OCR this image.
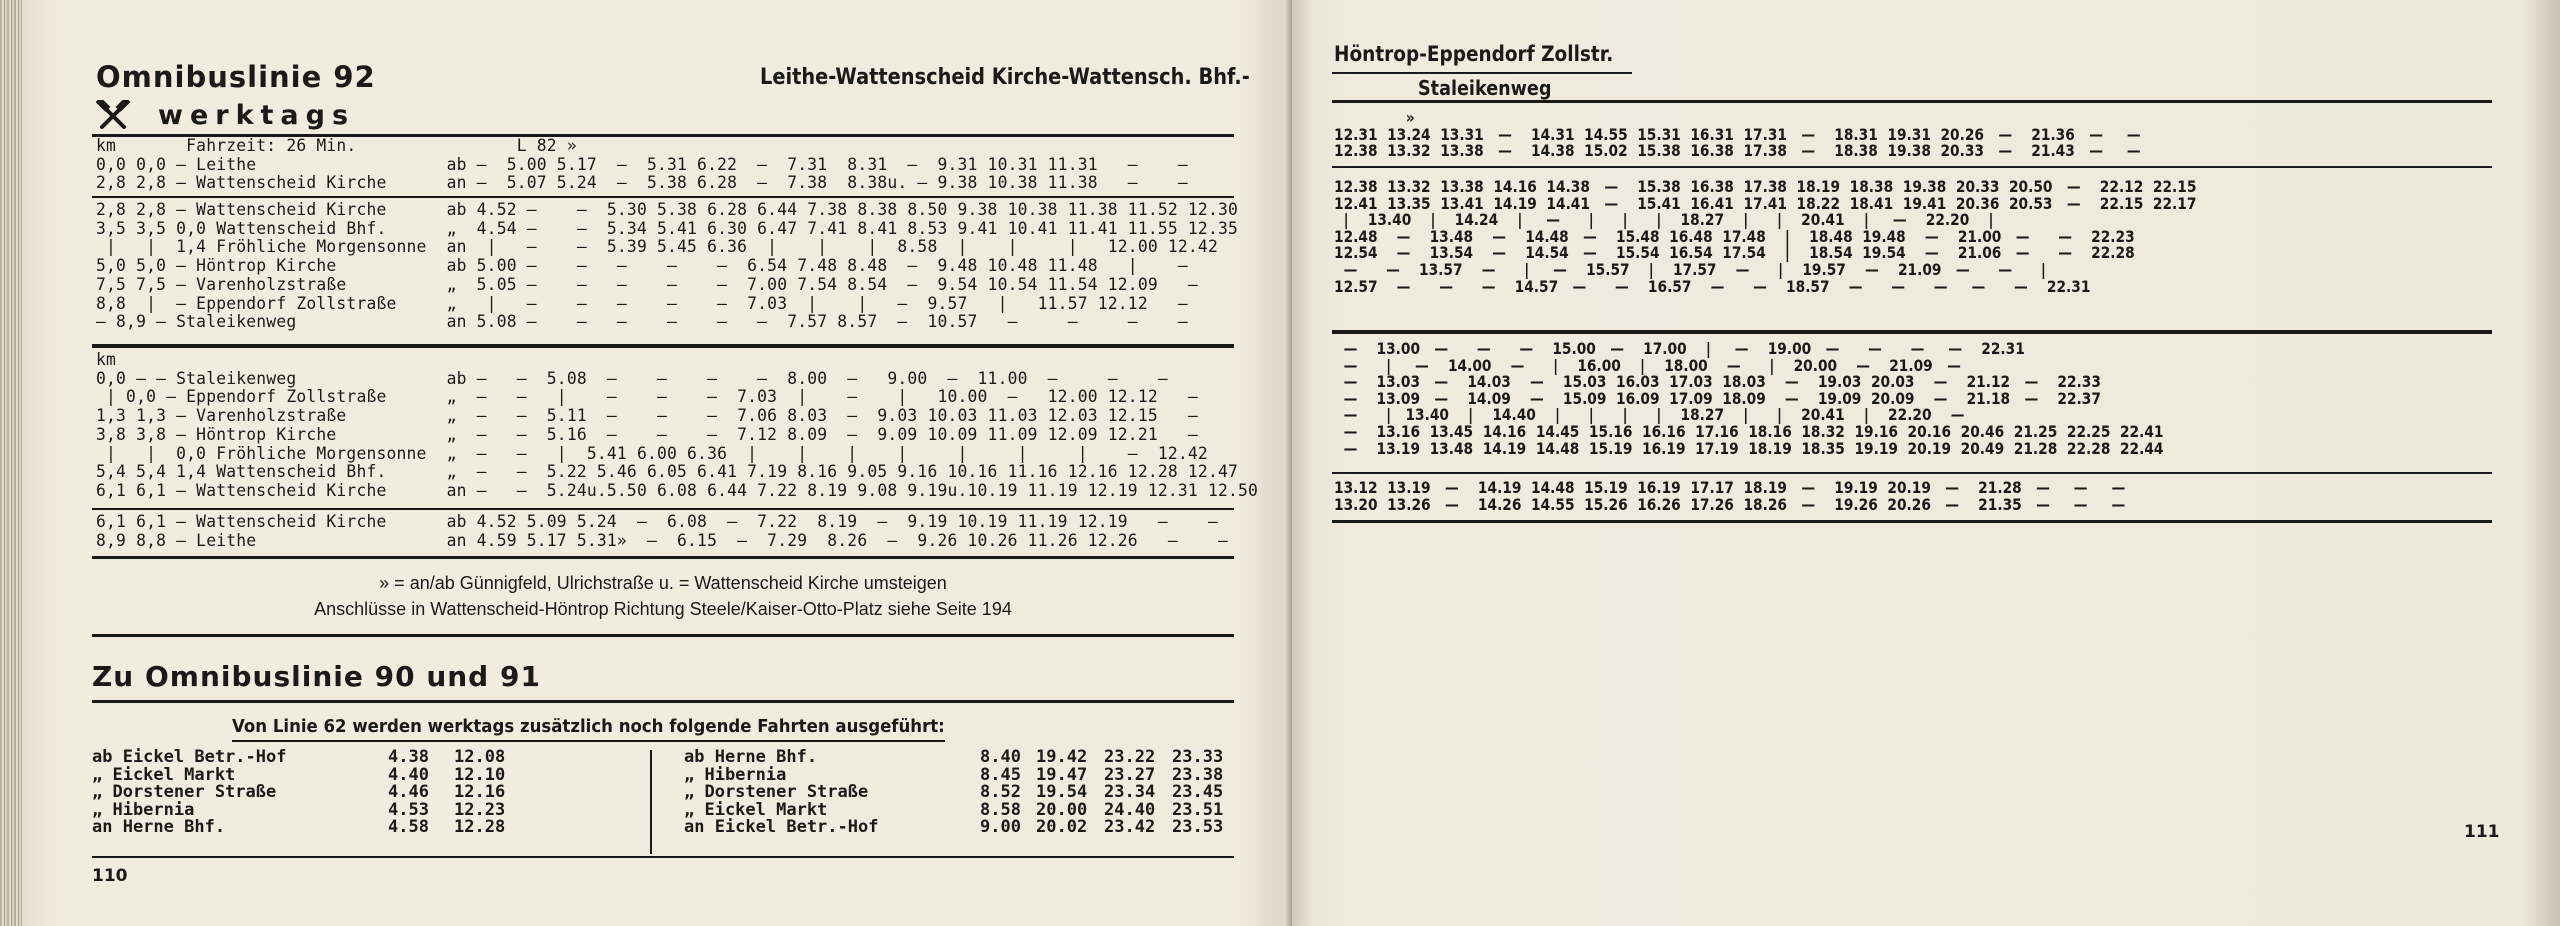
Omnibuslinie 92	Leithe-Wattenscheid Kirche-Wattensch. Bhf.-
werktags
km       Fahrzeit: 26 Min.                L 82 »
0,0 0,0 — Leithe                   ab —  5.00 5.17  —  5.31 6.22  —  7.31  8.31  —  9.31 10.31 11.31   —    —
2,8 2,8 — Wattenscheid Kirche      an —  5.07 5.24  —  5.38 6.28  —  7.38  8.38u. — 9.38 10.38 11.38   —    —
2,8 2,8 — Wattenscheid Kirche      ab 4.52 —    —  5.30 5.38 6.28 6.44 7.38 8.38 8.50 9.38 10.38 11.38 11.52 12.30
3,5 3,5 0,0 Wattenscheid Bhf.      „  4.54 —    —  5.34 5.41 6.30 6.47 7.41 8.41 8.53 9.41 10.41 11.41 11.55 12.35
|   |  1,4 Fröhliche Morgensonne  an  |   —    —  5.39 5.45 6.36  |    |    |  8.58  |    |     |   12.00 12.42
5,0 5,0 — Höntrop Kirche           ab 5.00 —    —   —    —    —  6.54 7.48 8.48  —  9.48 10.48 11.48   |    —
7,5 7,5 — Varenholzstraße          „  5.05 —    —   —    —    —  7.00 7.54 8.54  —  9.54 10.54 11.54 12.09   —
8,8  |  — Eppendorf Zollstraße     „   |   —    —   —    —    —  7.03  |    |   —  9.57   |   11.57 12.12   —
— 8,9 — Staleikenweg               an 5.08 —    —   —    —    —   —  7.57 8.57  —  10.57   —     —     —    —
km
0,0 — — Staleikenweg               ab —   —  5.08  —    —    —    —  8.00  —   9.00  —  11.00  —     —    —
| 0,0 — Eppendorf Zollstraße      „  —   —   |    —    —    —  7.03  |    —    |   10.00  —   12.00 12.12   —
1,3 1,3 — Varenholzstraße          „  —   —  5.11  —    —    —  7.06 8.03  —  9.03 10.03 11.03 12.03 12.15   —
3,8 3,8 — Höntrop Kirche           „  —   —  5.16  —    —    —  7.12 8.09  —  9.09 10.09 11.09 12.09 12.21   —
|   |  0,0 Fröhliche Morgensonne  „  —   —   |  5.41 6.00 6.36  |    |    |    |     |     |     |    —  12.42
5,4 5,4 1,4 Wattenscheid Bhf.      „  —   —  5.22 5.46 6.05 6.41 7.19 8.16 9.05 9.16 10.16 11.16 12.16 12.28 12.47
6,1 6,1 — Wattenscheid Kirche      an —   —  5.24u.5.50 6.08 6.44 7.22 8.19 9.08 9.19u.10.19 11.19 12.19 12.31 12.50
6,1 6,1 — Wattenscheid Kirche      ab 4.52 5.09 5.24  —  6.08  —  7.22  8.19  —  9.19 10.19 11.19 12.19   —    —
8,9 8,8 — Leithe                   an 4.59 5.17 5.31»  —  6.15  —  7.29  8.26  —  9.26 10.26 11.26 12.26   —    —
» = an/ab Günnigfeld, Ulrichstraße u. = Wattenscheid Kirche umsteigen
Anschlüsse in Wattenscheid-Höntrop Richtung Steele/Kaiser-Otto-Platz siehe Seite 194
Zu Omnibuslinie 90 und 91
Von Linie 62 werden werktags zusätzlich noch folgende Fahrten ausgeführt:
ab Eickel Betr.-Hof	4.38	12.08
„ Eickel Markt	4.40	12.10
„ Dorstener Straße	4.46	12.16
„ Hibernia	4.53	12.23
an Herne Bhf.	4.58	12.28
ab Herne Bhf.	8.40	19.42	23.22	23.33
„ Hibernia	8.45	19.47	23.27	23.38
„ Dorstener Straße	8.52	19.54	23.34	23.45
„ Eickel Markt	8.58	20.00	24.40	23.51
an Eickel Betr.-Hof	9.00	20.02	23.42	23.53
110
Höntrop-Eppendorf Zollstr.
Staleikenweg
»
12.31  13.24  13.31   —    14.31  14.55  15.31  16.31  17.31   —    18.31  19.31  20.26   —    21.36   —     —
12.38  13.32  13.38   —    14.38  15.02  15.38  16.38  17.38   —    18.38  19.38  20.33   —    21.43   —     —
12.38  13.32  13.38  14.16  14.38   —    15.38  16.38  17.38  18.19  18.38  19.38  20.33  20.50   —    22.12  22.15
12.41  13.35  13.41  14.19  14.41   —    15.41  16.41  17.41  18.22  18.41  19.41  20.36  20.53   —    22.15  22.17
|    13.40    |    14.24    |     —      |      |      |    18.27    |      |    20.41    |     —    22.20    |
12.48    —    13.48    —    14.48   —    15.48  16.48  17.48    |    18.48  19.48    —    21.00   —      —    22.23
12.54    —    13.54    —    14.54   —    15.54  16.54  17.54    |    18.54  19.54    —    21.06   —      —    22.28
—      —    13.57    —      |     —    15.57    |    17.57    —      |    19.57    —    21.09   —      —      |
12.57    —      —      —    14.57   —      —    16.57    —      —    18.57    —      —      —     —      —    22.31
—    13.00   —      —      —    15.00   —    17.00    |     —    19.00   —      —      —     —    22.31
—      |     —    14.00    —      |    16.00    |    18.00    —      |    20.00    —    21.09   —
—    13.03   —    14.03    —    15.03  16.03  17.03  18.03    —    19.03  20.03    —    21.12   —    22.33
—    13.09   —    14.09    —    15.09  16.09  17.09  18.09    —    19.09  20.09    —    21.18   —    22.37
—      |   13.40    |    14.40    |      |      |      |    18.27    |      |    20.41    |    22.20    —
—    13.16  13.45  14.16  14.45  15.16  16.16  17.16  18.16  18.32  19.16  20.16  20.46  21.25  22.25  22.41
—    13.19  13.48  14.19  14.48  15.19  16.19  17.19  18.19  18.35  19.19  20.19  20.49  21.28  22.28  22.44
13.12  13.19   —    14.19  14.48  15.19  16.19  17.17  18.19   —    19.19  20.19   —    21.28   —     —     —
13.20  13.26   —    14.26  14.55  15.26  16.26  17.26  18.26   —    19.26  20.26   —    21.35   —     —     —
111
